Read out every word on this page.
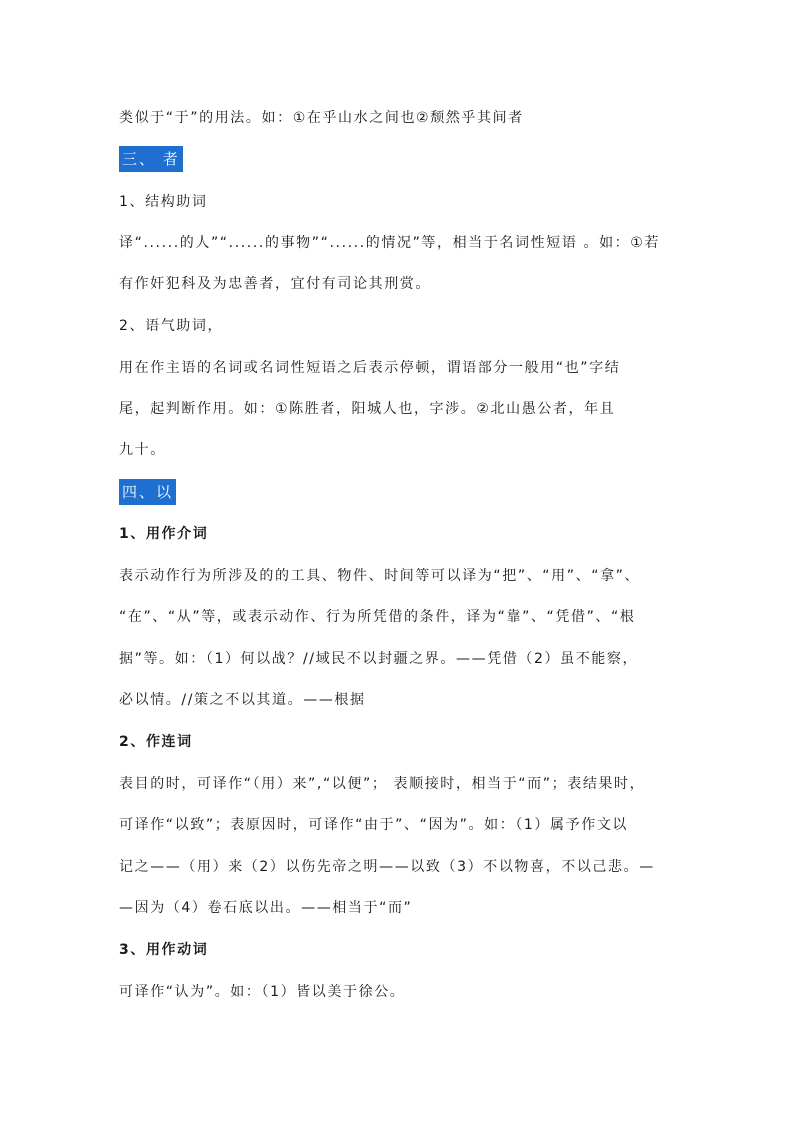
类似于“于”的用法。如：①在乎山水之间也②颓然乎其间者
三、 者
1、结构助词
译“......的人”“......的事物”“......的情况”等，相当于名词性短语 。如：①若
有作奸犯科及为忠善者，宜付有司论其刑赏。
2、语气助词，
用在作主语的名词或名词性短语之后表示停顿，谓语部分一般用“也”字结
尾，起判断作用。如：①陈胜者，阳城人也，字涉。②北山愚公者，年且
九十。
四、以
1、用作介词
表示动作行为所涉及的的工具、物件、时间等可以译为“把”、“用”、“拿”、
“在”、“从”等，或表示动作、行为所凭借的条件，译为“靠”、“凭借”、“根
据”等。如：（1）何以战？//域民不以封疆之界。——凭借（2）虽不能察，
必以情。//策之不以其道。——根据
2、作连词
表目的时，可译作“（用）来”,“以便”； 表顺接时，相当于“而”；表结果时，
可译作“以致”；表原因时，可译作“由于”、“因为”。如：（1）属予作文以
记之——（用）来（2）以伤先帝之明——以致（3）不以物喜，不以己悲。—
—因为（4）卷石底以出。——相当于“而”
3、用作动词
可译作“认为”。如：（1）皆以美于徐公。
